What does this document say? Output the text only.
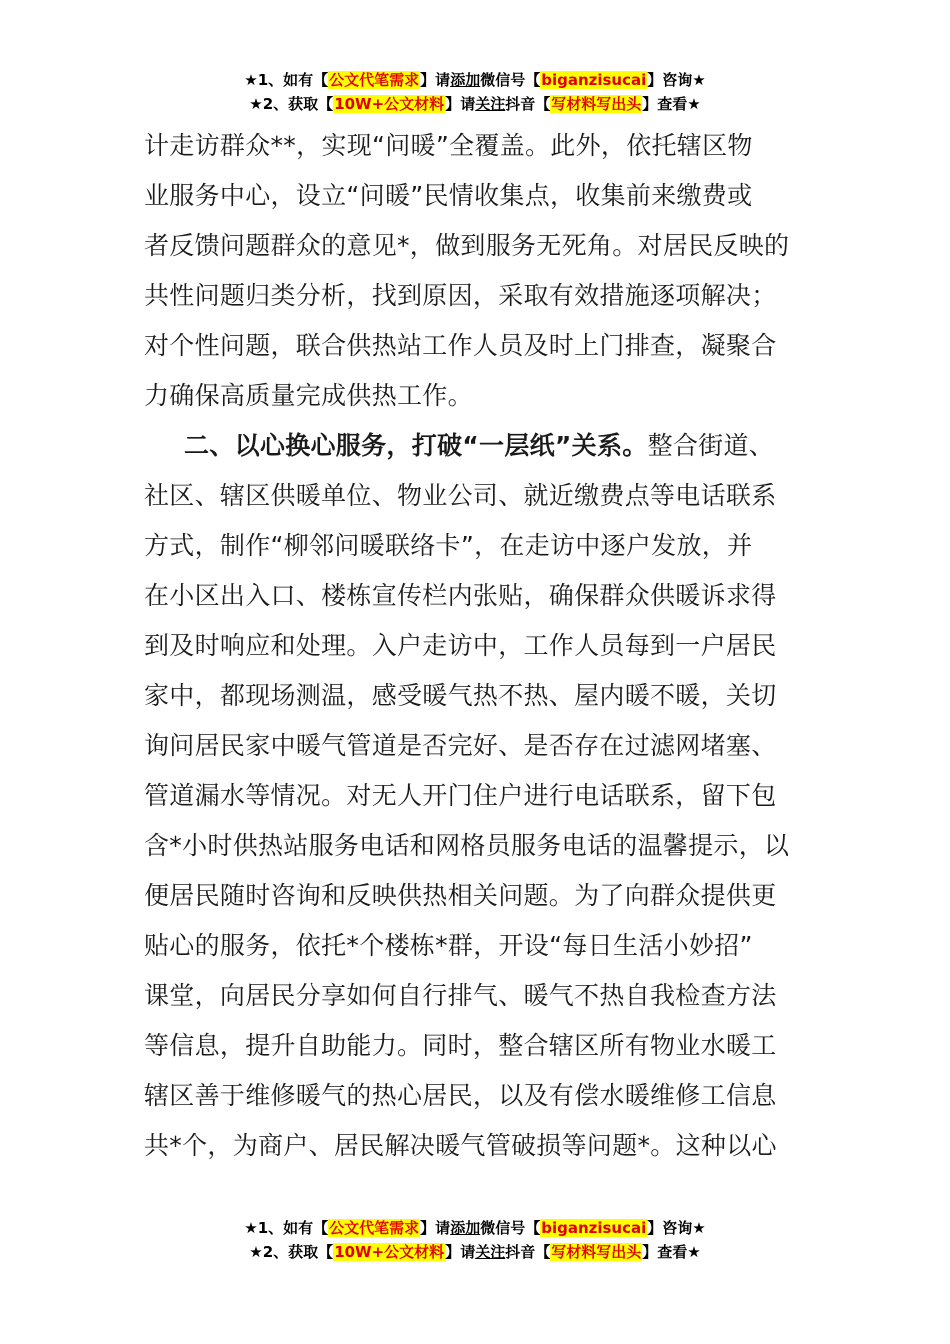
★1、如有【公文代笔需求】请添加微信号【biganzisucai】咨询★
★2、获取【10W+公文材料】请关注抖音【写材料写出头】查看★
计走访群众**，实现“问暖”全覆盖。此外，依托辖区物
业服务中心，设立“问暖”民情收集点，收集前来缴费或
者反馈问题群众的意见*，做到服务无死角。对居民反映的
共性问题归类分析，找到原因，采取有效措施逐项解决；
对个性问题，联合供热站工作人员及时上门排查，凝聚合
力确保高质量完成供热工作。
二、以心换心服务，打破“一层纸”关系。整合街道、
社区、辖区供暖单位、物业公司、就近缴费点等电话联系
方式，制作“柳邻问暖联络卡”，在走访中逐户发放，并
在小区出入口、楼栋宣传栏内张贴，确保群众供暖诉求得
到及时响应和处理。入户走访中，工作人员每到一户居民
家中，都现场测温，感受暖气热不热、屋内暖不暖，关切
询问居民家中暖气管道是否完好、是否存在过滤网堵塞、
管道漏水等情况。对无人开门住户进行电话联系，留下包
含*小时供热站服务电话和网格员服务电话的温馨提示，以
便居民随时咨询和反映供热相关问题。为了向群众提供更
贴心的服务，依托*个楼栋*群，开设“每日生活小妙招”
课堂，向居民分享如何自行排气、暖气不热自我检查方法
等信息，提升自助能力。同时，整合辖区所有物业水暖工
辖区善于维修暖气的热心居民，以及有偿水暖维修工信息
共*个，为商户、居民解决暖气管破损等问题*。这种以心
★1、如有【公文代笔需求】请添加微信号【biganzisucai】咨询★
★2、获取【10W+公文材料】请关注抖音【写材料写出头】查看★
